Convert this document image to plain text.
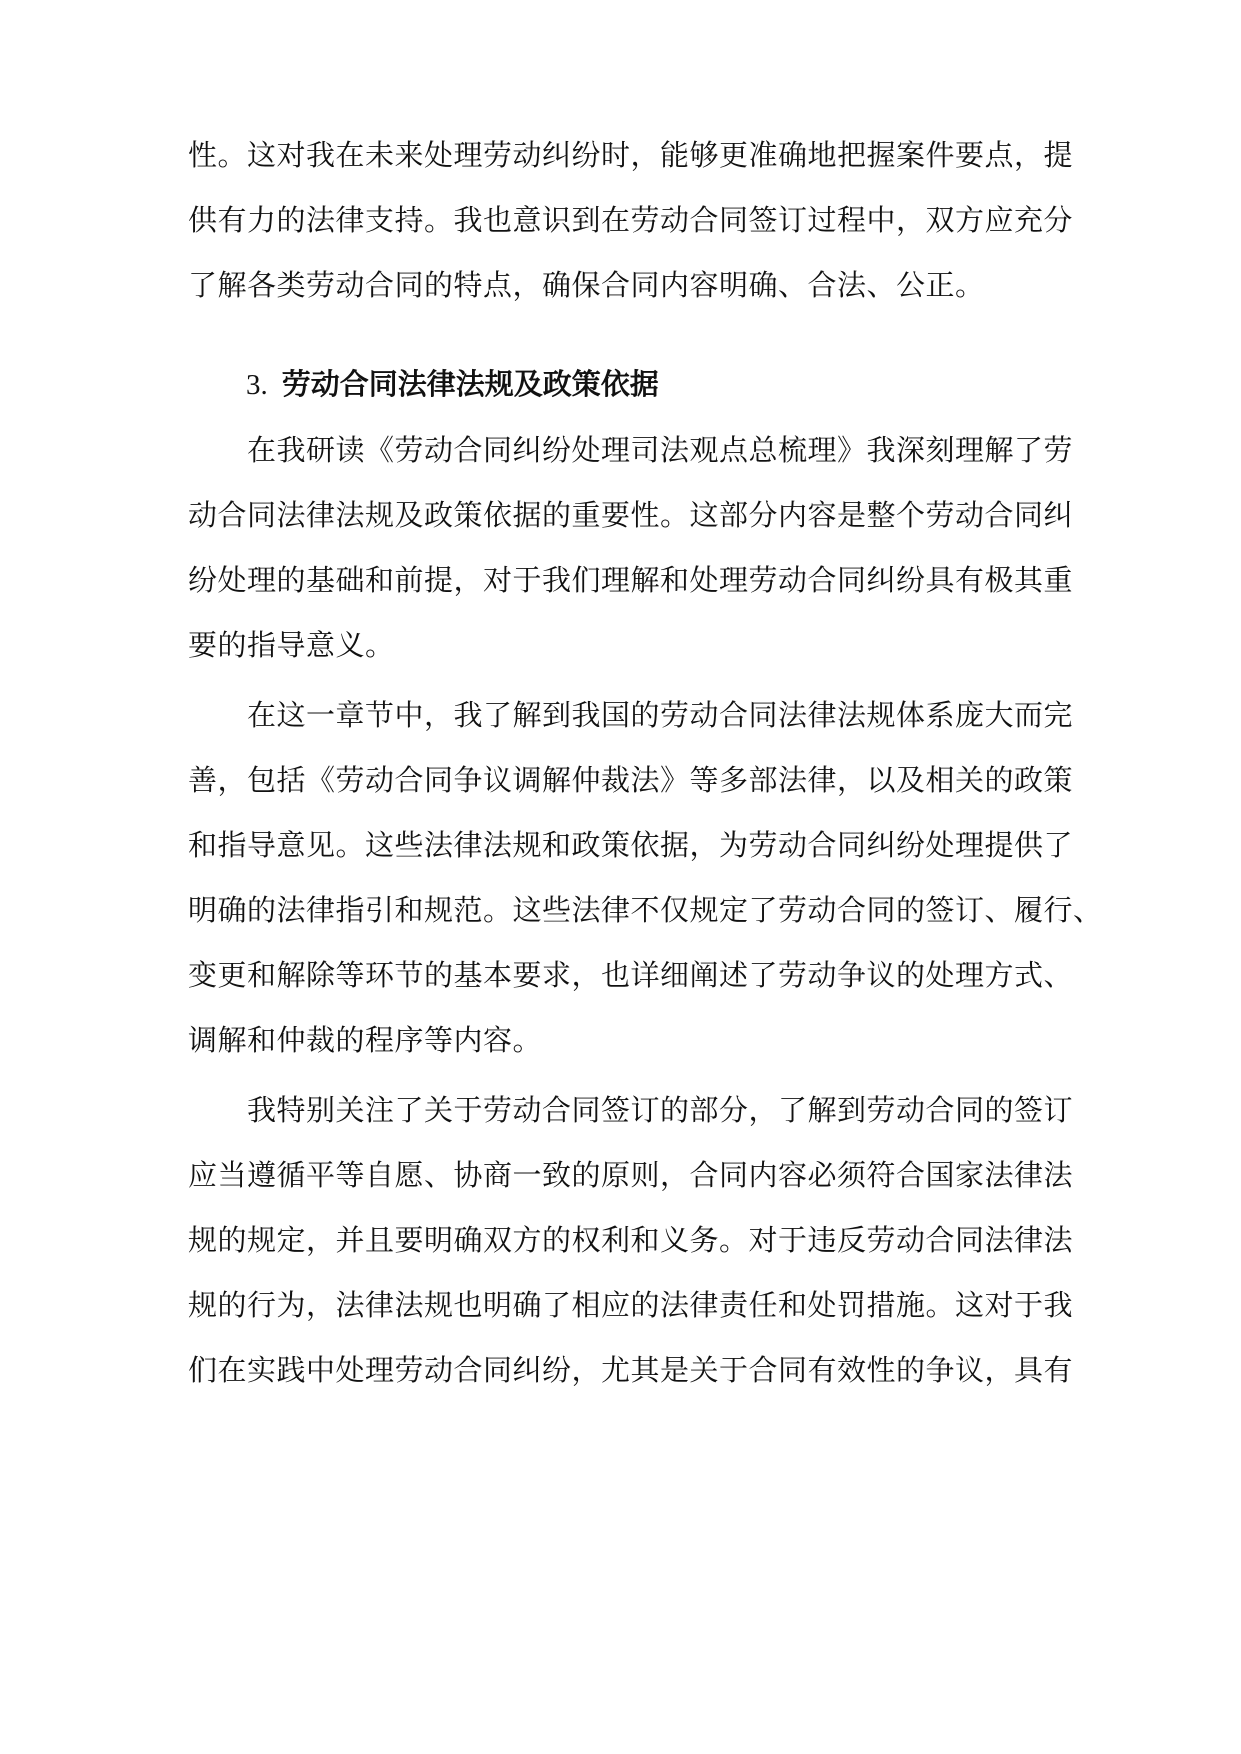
性。这对我在未来处理劳动纠纷时，能够更准确地把握案件要点，提
供有力的法律支持。我也意识到在劳动合同签订过程中，双方应充分
了解各类劳动合同的特点，确保合同内容明确、合法、公正。
3. 劳动合同法律法规及政策依据
　　在我研读《劳动合同纠纷处理司法观点总梳理》我深刻理解了劳
动合同法律法规及政策依据的重要性。这部分内容是整个劳动合同纠
纷处理的基础和前提，对于我们理解和处理劳动合同纠纷具有极其重
要的指导意义。
　　在这一章节中，我了解到我国的劳动合同法律法规体系庞大而完
善，包括《劳动合同争议调解仲裁法》等多部法律，以及相关的政策
和指导意见。这些法律法规和政策依据，为劳动合同纠纷处理提供了
明确的法律指引和规范。这些法律不仅规定了劳动合同的签订、履行、
变更和解除等环节的基本要求，也详细阐述了劳动争议的处理方式、
调解和仲裁的程序等内容。
　　我特别关注了关于劳动合同签订的部分，了解到劳动合同的签订
应当遵循平等自愿、协商一致的原则，合同内容必须符合国家法律法
规的规定，并且要明确双方的权利和义务。对于违反劳动合同法律法
规的行为，法律法规也明确了相应的法律责任和处罚措施。这对于我
们在实践中处理劳动合同纠纷，尤其是关于合同有效性的争议，具有
